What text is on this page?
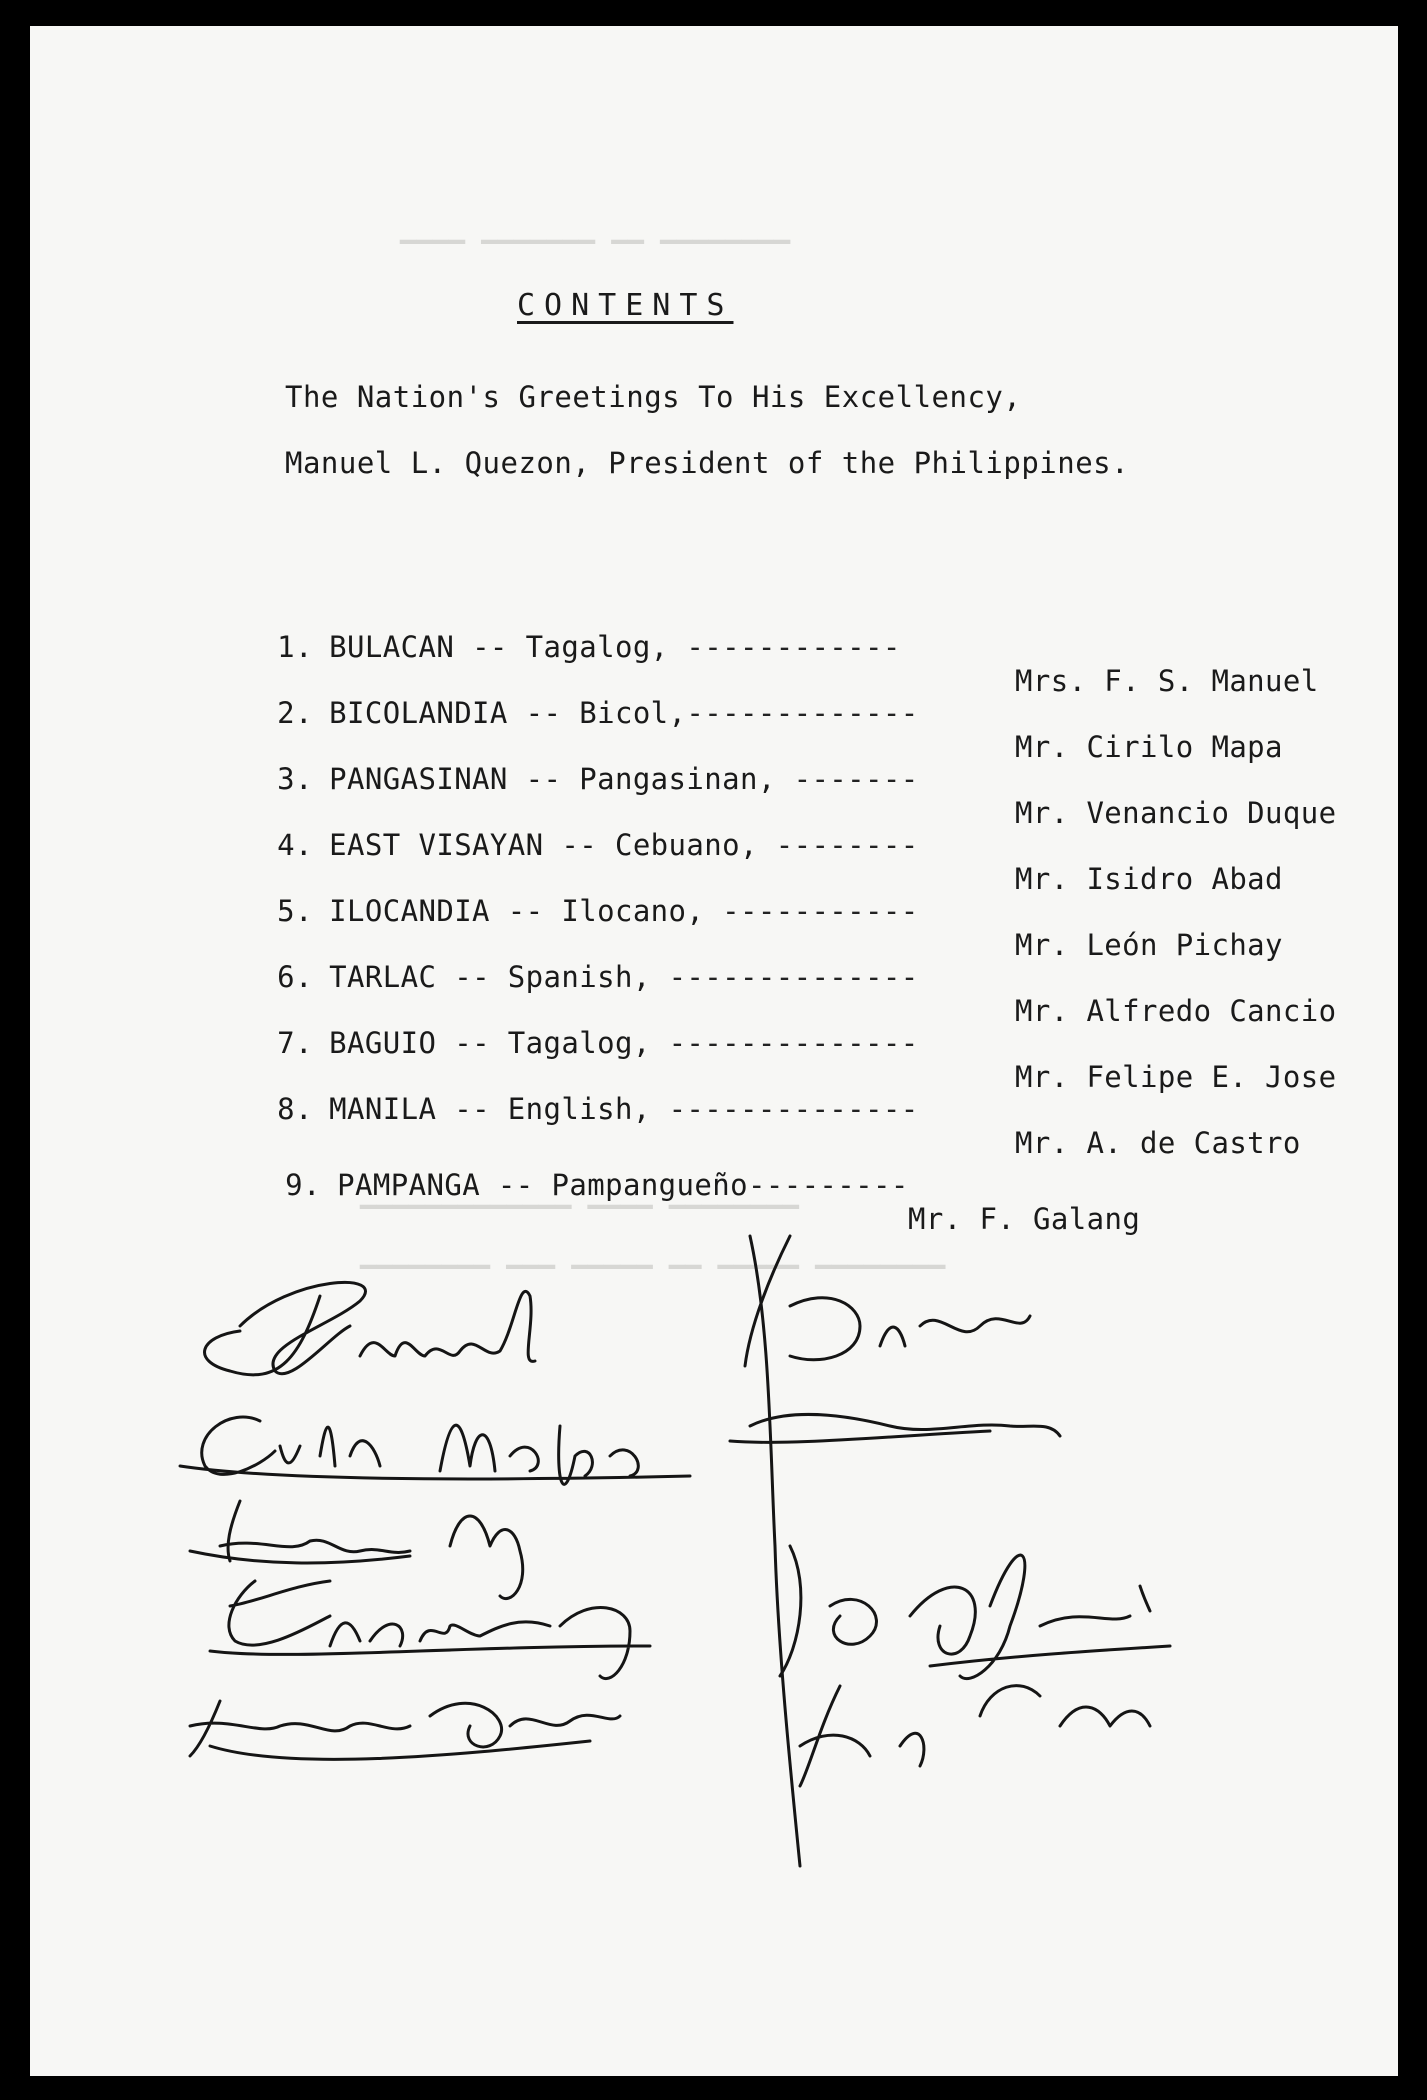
▔▔▔▔ ▔▔▔▔▔▔▔ ▔▔ ▔▔▔▔▔▔▔▔
▔▔▔▔▔▔▔▔▔▔▔▔▔ ▔▔▔▔ ▔▔▔▔▔▔▔▔
▔▔▔▔▔▔▔▔ ▔▔▔ ▔▔▔▔▔ ▔▔ ▔▔▔▔▔ ▔▔▔▔▔▔▔▔
CONTENTS
The Nation's Greetings To His Excellency,
Manuel L. Quezon, President of the Philippines.

1. BULACAN -- Tagalog, ------------

Mrs. F. S. Manuel

2. BICOLANDIA -- Bicol,-------------

Mr. Cirilo Mapa

3. PANGASINAN -- Pangasinan, -------

Mr. Venancio Duque

4. EAST VISAYAN -- Cebuano, --------

Mr. Isidro Abad

5. ILOCANDIA -- Ilocano, -----------

Mr. León Pichay

6. TARLAC -- Spanish, --------------

Mr. Alfredo Cancio

7. BAGUIO -- Tagalog, --------------

Mr. Felipe E. Jose

8. MANILA -- English, --------------

Mr. A. de Castro

9. PAMPANGA -- Pampangueño---------

Mr. F. Galang
